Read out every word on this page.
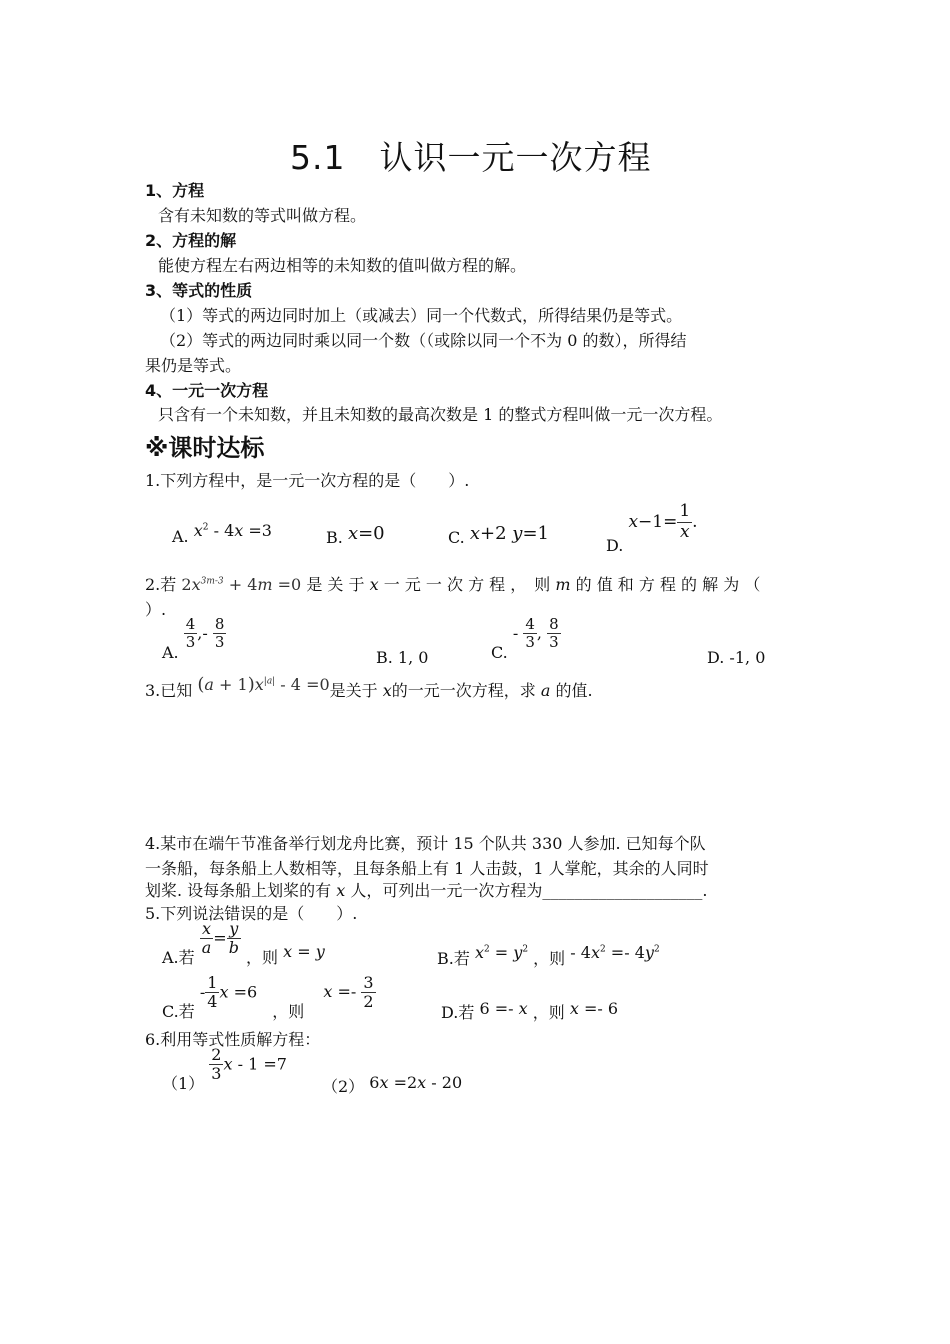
5.1　认识一元一次方程
1、方程
含有未知数的等式叫做方程。
2、方程的解
能使方程左右两边相等的未知数的值叫做方程的解。
3、等式的性质
（1）等式的两边同时加上（或减去）同一个代数式，所得结果仍是等式。
（2）等式的两边同时乘以同一个数（（或除以同一个不为 0 的数），所得结
果仍是等式。
4、一元一次方程
只含有一个未知数，并且未知数的最高次数是 1 的整式方程叫做一元一次方程。
※课时达标
1.下列方程中，是一元一次方程的是（　　）.
A. $x^2 - 4x =3$	B. x=0	C. x+2 y=1
D. $x-1= \frac{1}{x}$ .
2.若 $2x^{3m-3} + 4m =0$ 是 关 于 x 一 元 一 次 方 程 ，　则 m 的 值 和 方 程 的 解 为 （
）.
A.
$\frac{4}{3}$ ,- $\frac{8}{3}$
B. 1, 0	C. - $\frac{4}{3}$ , $\frac{8}{3}$
D. -1, 0
3.已知 $(a + 1)x^{|a|} - 4 =0$是关于 x的一元一次方程，求 a 的值.
4.某市在端午节准备举行划龙舟比赛，预计 15 个队共 330 人参加. 已知每个队
一条船，每条船上人数相等，且每条船上有 1 人击鼓，1 人掌舵，其余的人同时
划桨. 设每条船上划桨的有 x 人，可列出一元一次方程为____________________.
5.下列说法错误的是（　　）.
A.若
$\frac{x}{a} = \frac{y}{b}$
，则 x = y	B.若 $x^2 = y^2$ ，则 - $4x^2 =- 4y^2$
C.若 - $\frac{1}{4}$ x =6 ，则 $x =- \frac{3}{2}$
D.若 6 =- x ，则 x =- 6
6.利用等式性质解方程：
（1）
$\frac{2}{3}$ x - 1 =7
（2） 6x =2x - 20
